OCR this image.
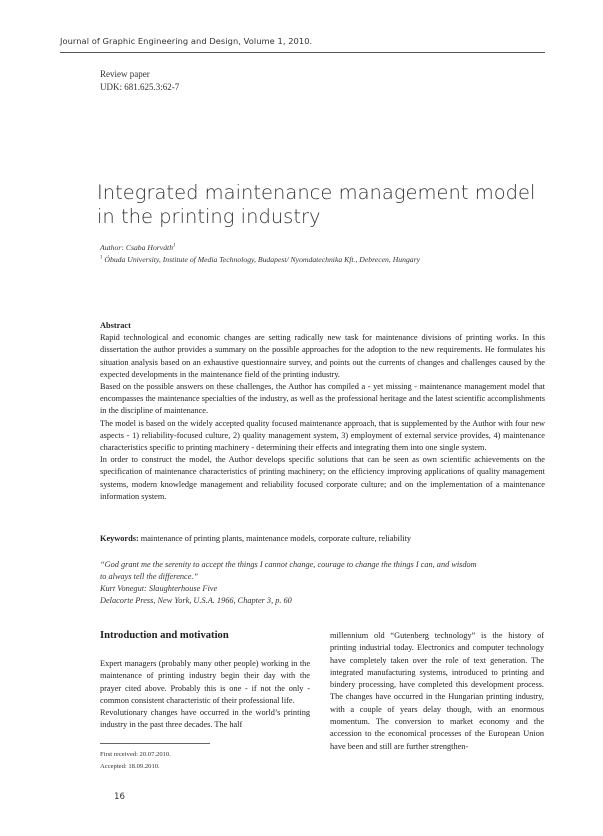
Journal of Graphic Engineering and Design, Volume 1, 2010.
Review paper
UDK: 681.625.3:62-7
Integrated maintenance management model
in the printing industry
Author: Csaba Horváth$^1$
$^1$ Óbuda University, Institute of Media Technology, Budapest/ Nyomdatechnika Kft., Debrecen, Hungary

Abstract

Rapid technological and economic changes are setting radically new task for maintenance divisions of printing works. In this dissertation the author provides a summary on the possible approaches for the adoption to the new requirements. He formulates his situation analysis based on an exhaustive questionnaire survey, and points out the currents of changes and challenges caused by the expected developments in the maintenance field of the printing industry.

Based on the possible answers on these challenges, the Author has compiled a - yet missing - maintenance management model that encompasses the maintenance specialties of the industry, as well as the professional heritage and the latest scientific accomplishments in the discipline of maintenance.

The model is based on the widely accepted quality focused maintenance approach, that is supplemented by the Author with four new aspects - 1) reliability-focused culture, 2) quality management system, 3) employment of external service provides, 4) maintenance characteristics specific to printing machinery - determining their effects and integrating them into one single system.

In order to construct the model, the Author develops specific solutions that can be seen as own scientific achievements on the specification of maintenance characteristics of printing machinery; on the efficiency improving applications of quality management systems, modern knowledge management and reliability focused corporate culture; and on the implementation of a maintenance information system.

Keywords: maintenance of printing plants, maintenance models, corporate culture, reliability
“God grant me the serenity to accept the things I cannot change, courage to change the things I can, and wisdom
to always tell the difference.”
Kurt Vonegut: Slaughterhouse Five
Delacorte Press, New York, U.S.A. 1966, Chapter 3, p. 60
Introduction and motivation

Expert managers (probably many other people) working in the maintenance of printing industry begin their day with the prayer cited above. Probably this is one - if not the only - common consistent characteristic of their professional life.

Revolutionary changes have occurred in the world’s printing industry in the past three decades. The half

millennium old “Gutenberg technology” is the history of printing industrial today. Electronics and computer technology have completely taken over the role of text generation. The integrated manufacturing systems, introduced to printing and bindery processing, have completed this development process. The changes have occurred in the Hungarian printing industry, with a couple of years delay though, with an enormous momentum. The conversion to market economy and the accession to the economical processes of the European Union have been and still are further strengthen-

First received: 20.07.2010.
Accepted: 18.09.2010.
16
